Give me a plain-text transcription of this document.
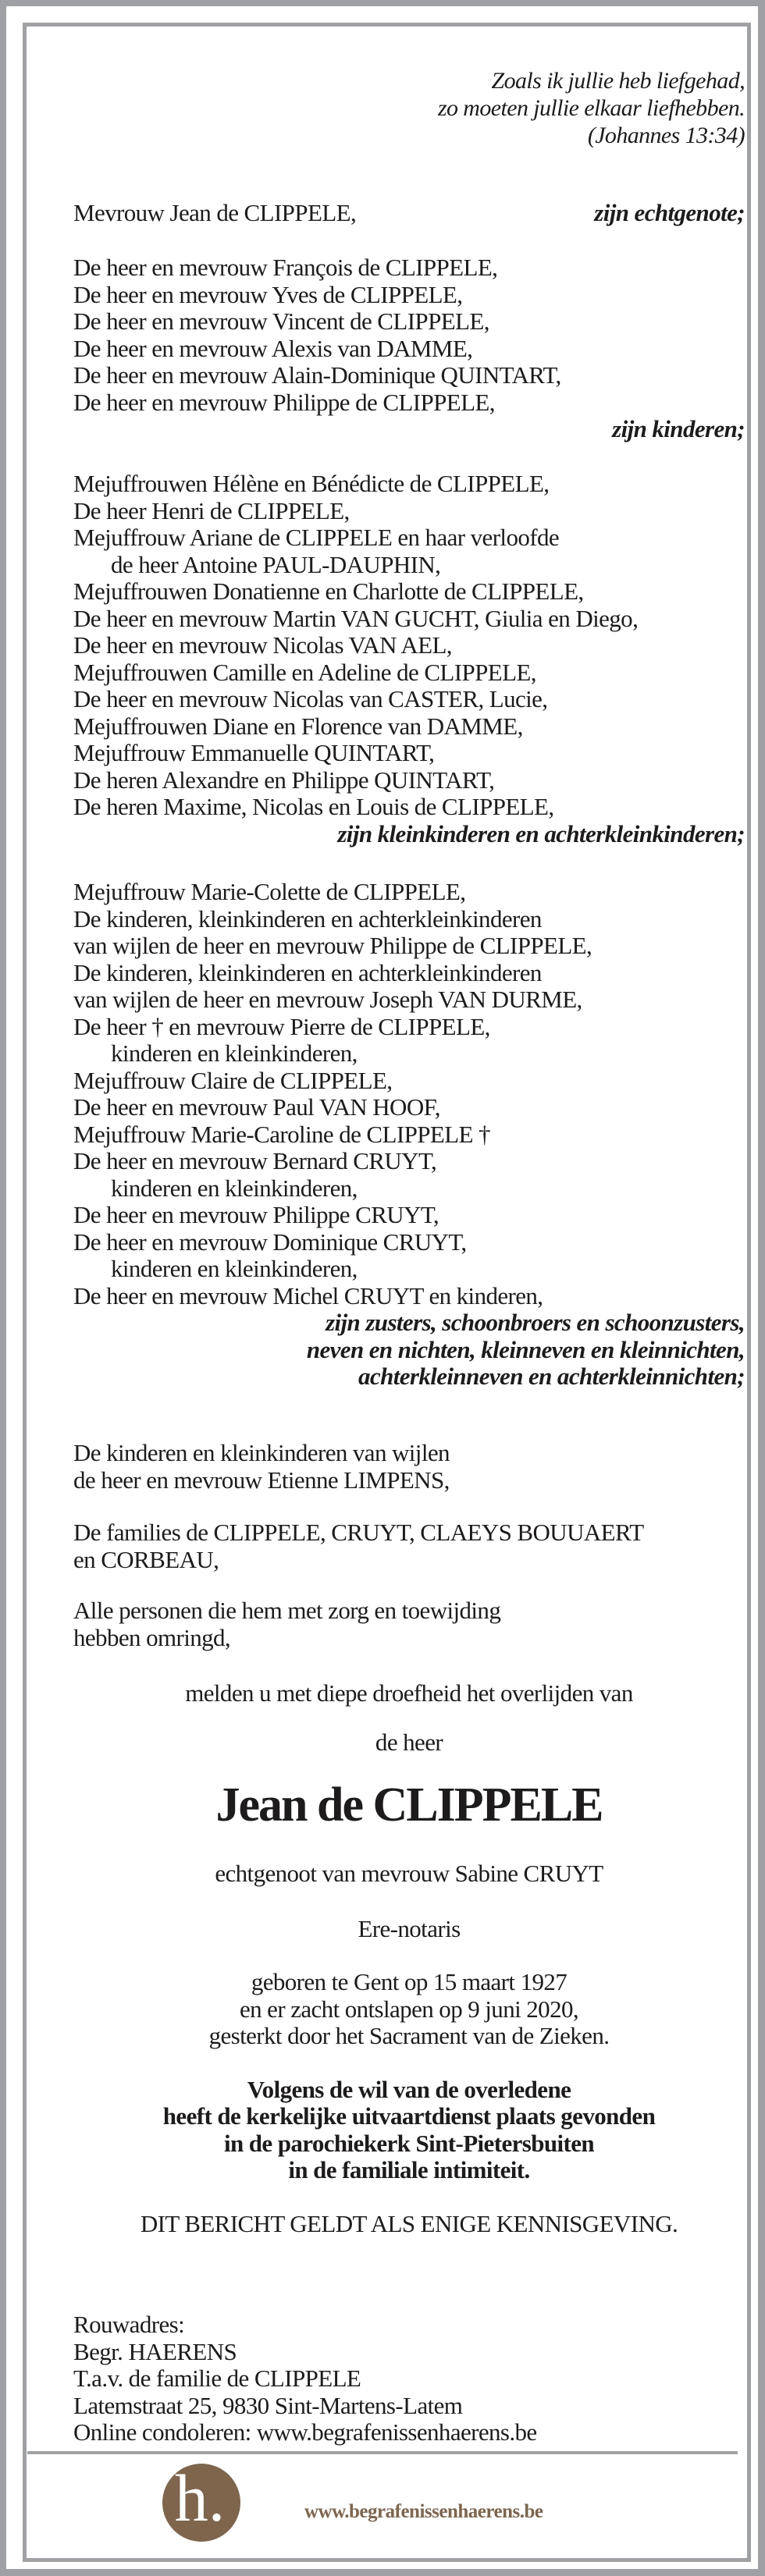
Zoals ik jullie heb liefgehad,
zo moeten jullie elkaar liefhebben.
(Johannes 13:34)
Mevrouw Jean de CLIPPELE,	zijn echtgenote;
De heer en mevrouw François de CLIPPELE,
De heer en mevrouw Yves de CLIPPELE,
De heer en mevrouw Vincent de CLIPPELE,
De heer en mevrouw Alexis van DAMME,
De heer en mevrouw Alain-Dominique QUINTART,
De heer en mevrouw Philippe de CLIPPELE,
zijn kinderen;
Mejuffrouwen Hélène en Bénédicte de CLIPPELE,
De heer Henri de CLIPPELE,
Mejuffrouw Ariane de CLIPPELE en haar verloofde
de heer Antoine PAUL-DAUPHIN,
Mejuffrouwen Donatienne en Charlotte de CLIPPELE,
De heer en mevrouw Martin VAN GUCHT, Giulia en Diego,
De heer en mevrouw Nicolas VAN AEL,
Mejuffrouwen Camille en Adeline de CLIPPELE,
De heer en mevrouw Nicolas van CASTER, Lucie,
Mejuffrouwen Diane en Florence van DAMME,
Mejuffrouw Emmanuelle QUINTART,
De heren Alexandre en Philippe QUINTART,
De heren Maxime, Nicolas en Louis de CLIPPELE,
zijn kleinkinderen en achterkleinkinderen;
Mejuffrouw Marie-Colette de CLIPPELE,
De kinderen, kleinkinderen en achterkleinkinderen
van wijlen de heer en mevrouw Philippe de CLIPPELE,
De kinderen, kleinkinderen en achterkleinkinderen
van wijlen de heer en mevrouw Joseph VAN DURME,
De heer † en mevrouw Pierre de CLIPPELE,
kinderen en kleinkinderen,
Mejuffrouw Claire de CLIPPELE,
De heer en mevrouw Paul VAN HOOF,
Mejuffrouw Marie-Caroline de CLIPPELE †
De heer en mevrouw Bernard CRUYT,
kinderen en kleinkinderen,
De heer en mevrouw Philippe CRUYT,
De heer en mevrouw Dominique CRUYT,
kinderen en kleinkinderen,
De heer en mevrouw Michel CRUYT en kinderen,
zijn zusters, schoonbroers en schoonzusters,
neven en nichten, kleinneven en kleinnichten,
achterkleinneven en achterkleinnichten;
De kinderen en kleinkinderen van wijlen
de heer en mevrouw Etienne LIMPENS,
De families de CLIPPELE, CRUYT, CLAEYS BOUUAERT
en CORBEAU,
Alle personen die hem met zorg en toewijding
hebben omringd,
melden u met diepe droefheid het overlijden van
de heer
Jean de CLIPPELE
echtgenoot van mevrouw Sabine CRUYT
Ere-notaris
geboren te Gent op 15 maart 1927
en er zacht ontslapen op 9 juni 2020,
gesterkt door het Sacrament van de Zieken.
Volgens de wil van de overledene
heeft de kerkelijke uitvaartdienst plaats gevonden
in de parochiekerk Sint-Pietersbuiten
in de familiale intimiteit.
DIT BERICHT GELDT ALS ENIGE KENNISGEVING.
Rouwadres:
Begr. HAERENS
T.a.v. de familie de CLIPPELE
Latemstraat 25, 9830 Sint-Martens-Latem
Online condoleren: www.begrafenissenhaerens.be
h.	www.begrafenissenhaerens.be
